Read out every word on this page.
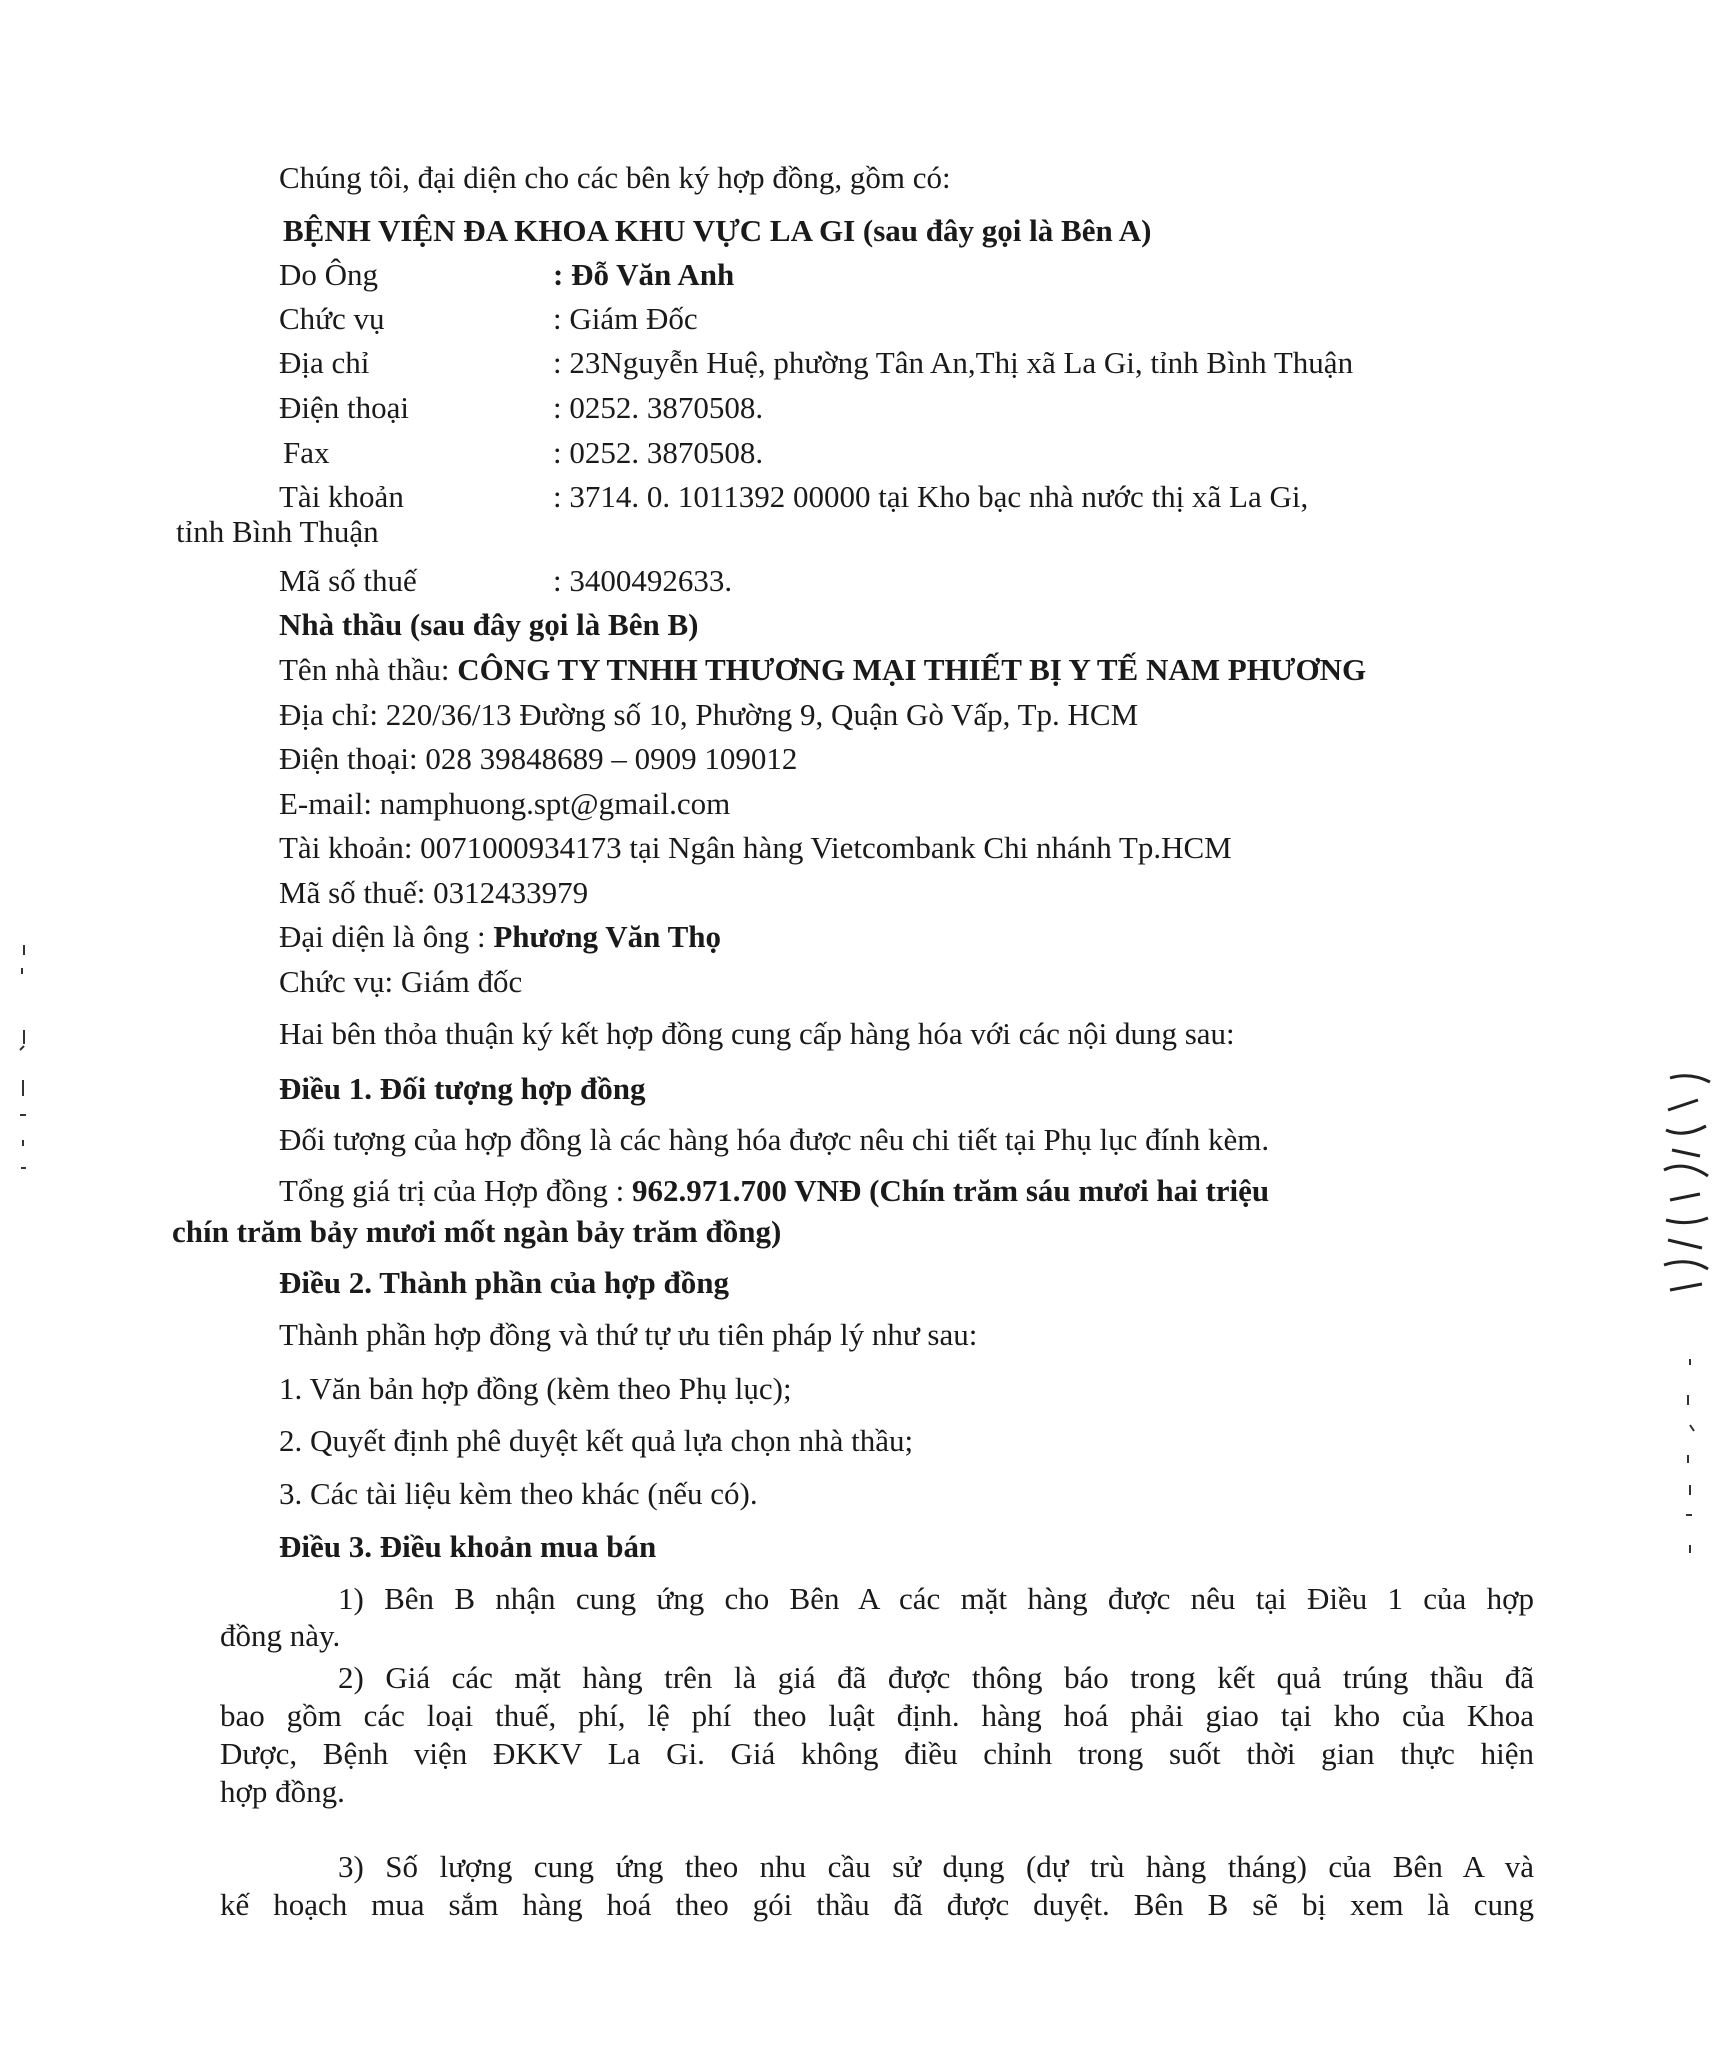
Chúng tôi, đại diện cho các bên ký hợp đồng, gồm có:

BỆNH VIỆN ĐA KHOA KHU VỰC LA GI (sau đây gọi là Bên A)

Do Ông	: Đỗ Văn Anh
Chức vụ	: Giám Đốc
Địa chỉ	: 23Nguyễn Huệ, phường Tân An,Thị xã La Gi, tỉnh Bình Thuận
Điện thoại	: 0252. 3870508.
Fax	: 0252. 3870508.
Tài khoản	: 3714. 0. 1011392 00000 tại Kho bạc nhà nước thị xã La Gi,

tỉnh Bình Thuận

Mã số thuế	: 3400492633.

Nhà thầu (sau đây gọi là Bên B)

Tên nhà thầu: CÔNG TY TNHH THƯƠNG MẠI THIẾT BỊ Y TẾ NAM PHƯƠNG

Địa chỉ: 220/36/13 Đường số 10, Phường 9, Quận Gò Vấp, Tp. HCM

Điện thoại: 028 39848689 – 0909 109012

E-mail: namphuong.spt@gmail.com

Tài khoản: 0071000934173 tại Ngân hàng Vietcombank Chi nhánh Tp.HCM

Mã số thuế: 0312433979

Đại diện là ông : Phương Văn Thọ

Chức vụ: Giám đốc

Hai bên thỏa thuận ký kết hợp đồng cung cấp hàng hóa với các nội dung sau:

Điều 1. Đối tượng hợp đồng

Đối tượng của hợp đồng là các hàng hóa được nêu chi tiết tại Phụ lục đính kèm.

Tổng giá trị của Hợp đồng : 962.971.700 VNĐ (Chín trăm sáu mươi hai triệu

chín trăm bảy mươi mốt ngàn bảy trăm đồng)

Điều 2. Thành phần của hợp đồng

Thành phần hợp đồng và thứ tự ưu tiên pháp lý như sau:

1. Văn bản hợp đồng (kèm theo Phụ lục);

2. Quyết định phê duyệt kết quả lựa chọn nhà thầu;

3. Các tài liệu kèm theo khác (nếu có).

Điều 3. Điều khoản mua bán

1) Bên B nhận cung ứng cho Bên A các mặt hàng được nêu tại Điều 1 của hợp

đồng này.

2) Giá các mặt hàng trên là giá đã được thông báo trong kết quả trúng thầu đã

bao gồm các loại thuế, phí, lệ phí theo luật định. hàng hoá phải giao tại kho của Khoa

Dược, Bệnh viện ĐKKV La Gi. Giá không điều chỉnh trong suốt thời gian thực hiện

hợp đồng.

3) Số lượng cung ứng theo nhu cầu sử dụng (dự trù hàng tháng) của Bên A và

kế hoạch mua sắm hàng hoá theo gói thầu đã được duyệt. Bên B sẽ bị xem là cung
